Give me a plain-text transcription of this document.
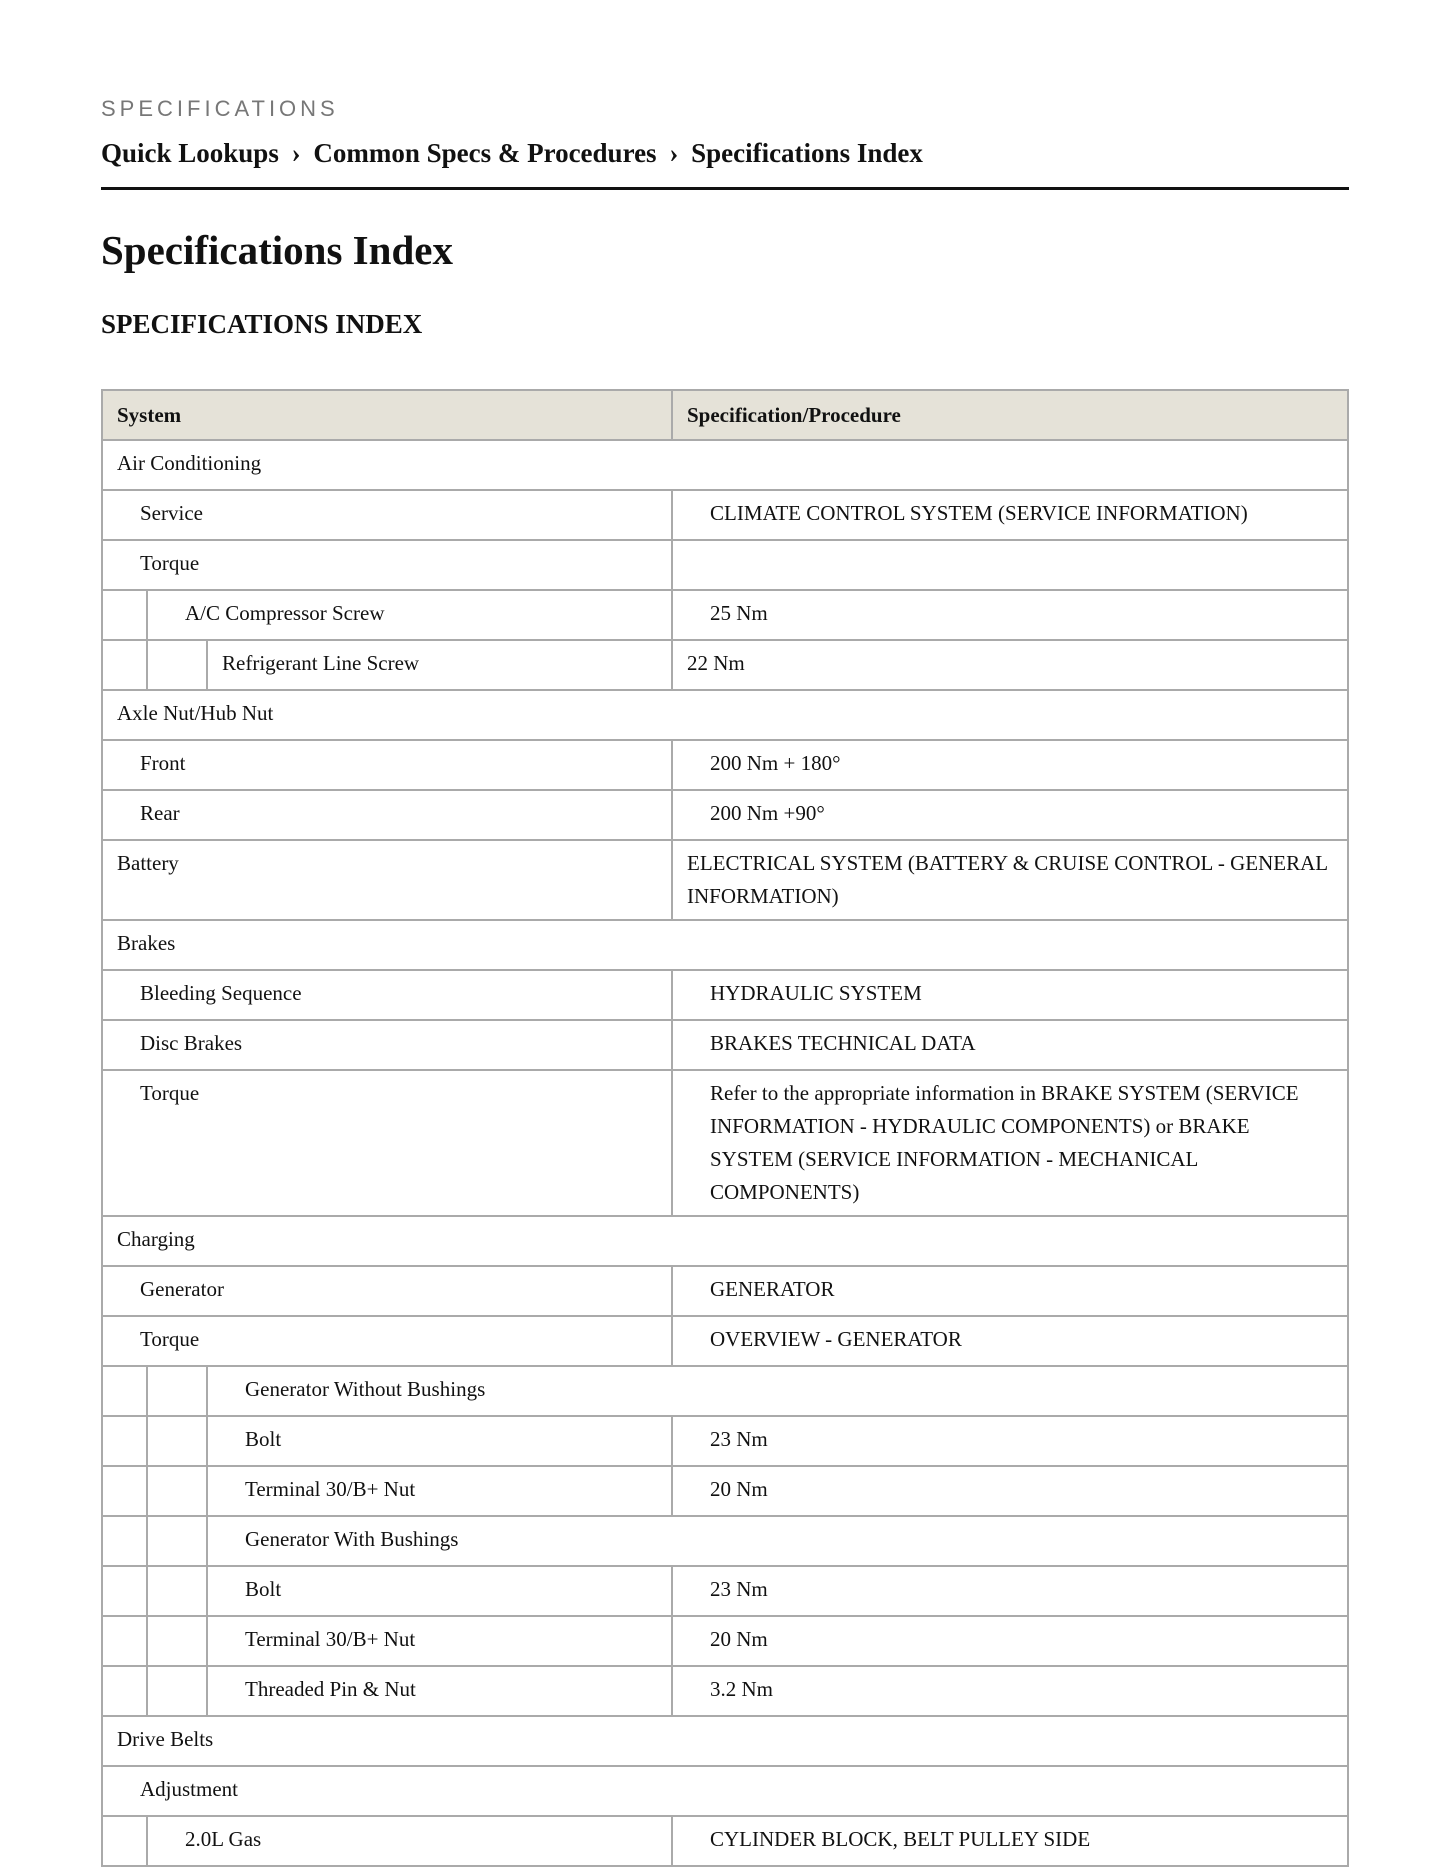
SPECIFICATIONS
Quick Lookups › Common Specs & Procedures › Specifications Index
Specifications Index
SPECIFICATIONS INDEX
System	Specification/Procedure
Air Conditioning	
Service	CLIMATE CONTROL SYSTEM (SERVICE INFORMATION)
Torque	

A/C Compressor Screw	25 Nm

Refrigerant Line Screw	22 Nm
Axle Nut/Hub Nut	
Front	200 Nm + 180°
Rear	200 Nm +90°
Battery	ELECTRICAL SYSTEM (BATTERY & CRUISE CONTROL - GENERAL INFORMATION)
Brakes	
Bleeding Sequence	HYDRAULIC SYSTEM
Disc Brakes	BRAKES TECHNICAL DATA
Torque	Refer to the appropriate information in BRAKE SYSTEM (SERVICE INFORMATION - HYDRAULIC COMPONENTS) or BRAKE SYSTEM (SERVICE INFORMATION - MECHANICAL COMPONENTS)
Charging	
Generator	GENERATOR
Torque	OVERVIEW - GENERATOR

Generator Without Bushings	

Bolt	23 Nm

Terminal 30/B+ Nut	20 Nm

Generator With Bushings	

Bolt	23 Nm

Terminal 30/B+ Nut	20 Nm

Threaded Pin & Nut	3.2 Nm
Drive Belts	
Adjustment	

2.0L Gas	CYLINDER BLOCK, BELT PULLEY SIDE
